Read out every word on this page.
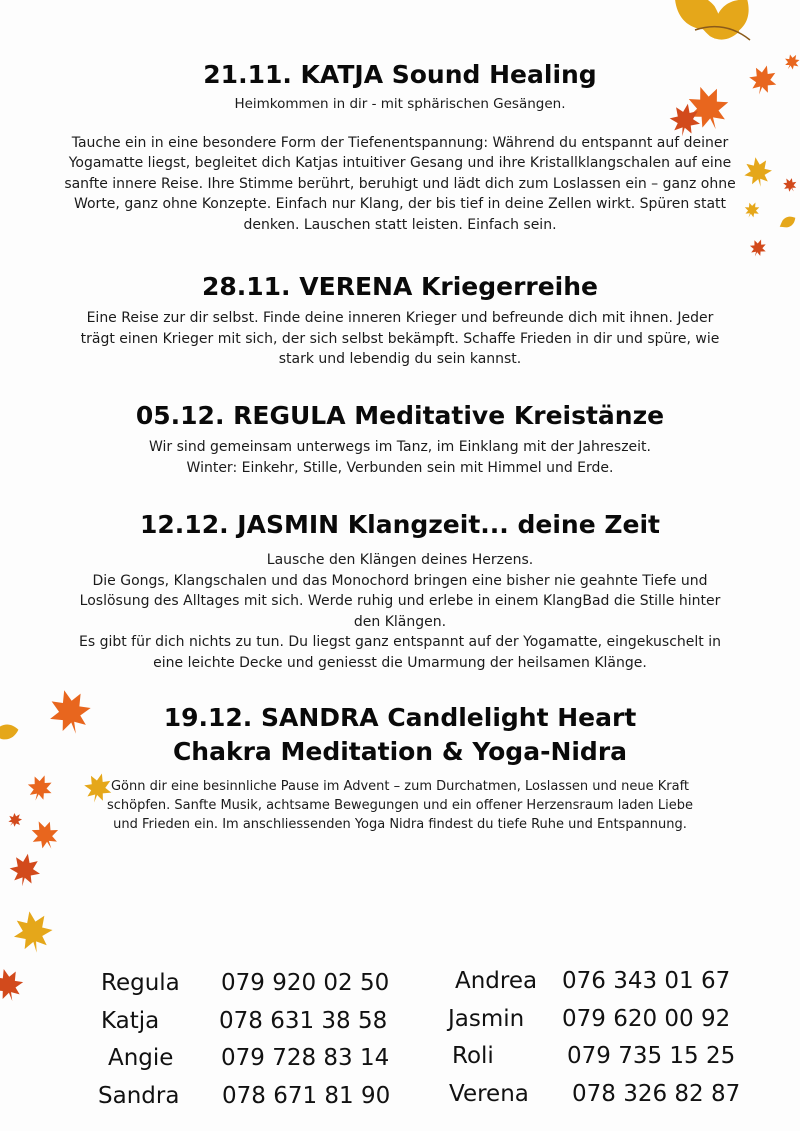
21.11. KATJA Sound Healing

Heimkommen in dir - mit sphärischen Gesängen.

Tauche ein in eine besondere Form der Tiefenentspannung: Während du entspannt auf deiner Yogamatte liegst, begleitet dich Katjas intuitiver Gesang und ihre Kristallklangschalen auf eine sanfte innere Reise. Ihre Stimme berührt, beruhigt und lädt dich zum Loslassen ein – ganz ohne Worte, ganz ohne Konzepte. Einfach nur Klang, der bis tief in deine Zellen wirkt. Spüren statt denken. Lauschen statt leisten. Einfach sein.

28.11. VERENA Kriegerreihe

Eine Reise zur dir selbst. Finde deine inneren Krieger und befreunde dich mit ihnen. Jeder trägt einen Krieger mit sich, der sich selbst bekämpft. Schaffe Frieden in dir und spüre, wie stark und lebendig du sein kannst.

05.12. REGULA Meditative Kreistänze

Wir sind gemeinsam unterwegs im Tanz, im Einklang mit der Jahreszeit.
Winter: Einkehr, Stille, Verbunden sein mit Himmel und Erde.

12.12. JASMIN Klangzeit... deine Zeit

Lausche den Klängen deines Herzens.
Die Gongs, Klangschalen und das Monochord bringen eine bisher nie geahnte Tiefe und Loslösung des Alltages mit sich. Werde ruhig und erlebe in einem KlangBad die Stille hinter den Klängen.
Es gibt für dich nichts zu tun. Du liegst ganz entspannt auf der Yogamatte, eingekuschelt in eine leichte Decke und geniesst die Umarmung der heilsamen Klänge.

19.12. SANDRA Candlelight Heart Chakra Meditation & Yoga-Nidra

Gönn dir eine besinnliche Pause im Advent – zum Durchatmen, Loslassen und neue Kraft schöpfen. Sanfte Musik, achtsame Bewegungen und ein offener Herzensraum laden Liebe und Frieden ein. Im anschliessenden Yoga Nidra findest du tiefe Ruhe und Entspannung.

Regula 079 920 02 50
Katja	078 631 38 58
Angie 079 728 83 14
Sandra 078 671 81 90
Andrea 076 343 01 67
Jasmin 079 620 00 92
Roli	079 735 15 25
Verena 078 326 82 87
